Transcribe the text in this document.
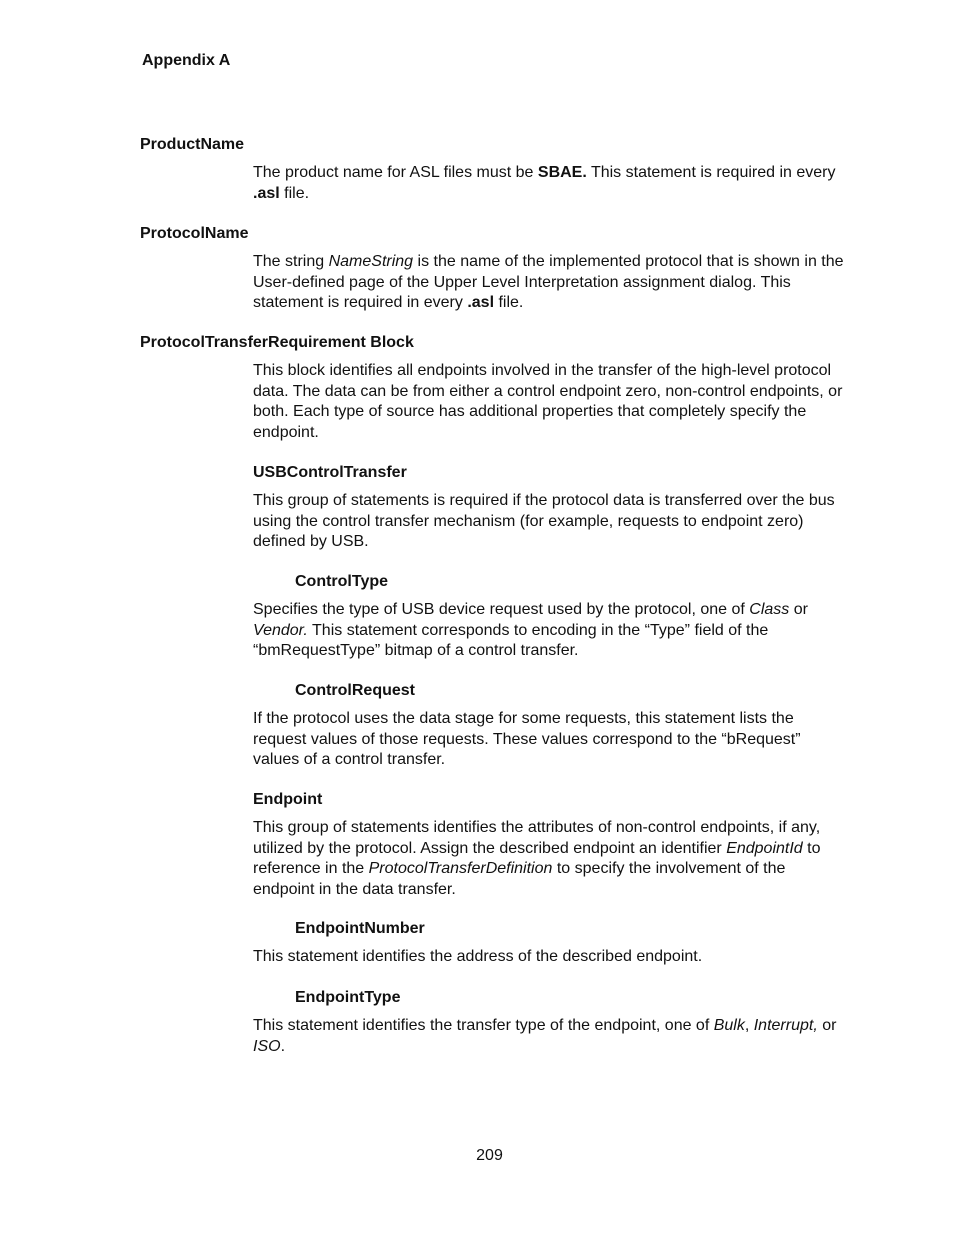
Appendix A
ProductName
The product name for ASL files must be SBAE. This statement is required in every .asl file.
ProtocolName
The string NameString is the name of the implemented protocol that is shown in the User-defined page of the Upper Level Interpretation assignment dialog. This statement is required in every .asl file.
ProtocolTransferRequirement Block
This block identifies all endpoints involved in the transfer of the high-level protocol data. The data can be from either a control endpoint zero, non-control endpoints, or both. Each type of source has additional properties that completely specify the endpoint.
USBControlTransfer
This group of statements is required if the protocol data is transferred over the bus using the control transfer mechanism (for example, requests to endpoint zero) defined by USB.
ControlType
Specifies the type of USB device request used by the protocol, one of Class or Vendor. This statement corresponds to encoding in the “Type” field of the “bmRequestType” bitmap of a control transfer.
ControlRequest
If the protocol uses the data stage for some requests, this statement lists the request values of those requests. These values correspond to the “bRequest” values of a control transfer.
Endpoint
This group of statements identifies the attributes of non-control endpoints, if any, utilized by the protocol. Assign the described endpoint an identifier EndpointId to reference in the ProtocolTransferDefinition to specify the involvement of the endpoint in the data transfer.
EndpointNumber
This statement identifies the address of the described endpoint.
EndpointType
This statement identifies the transfer type of the endpoint, one of Bulk, Interrupt, or ISO.
209
